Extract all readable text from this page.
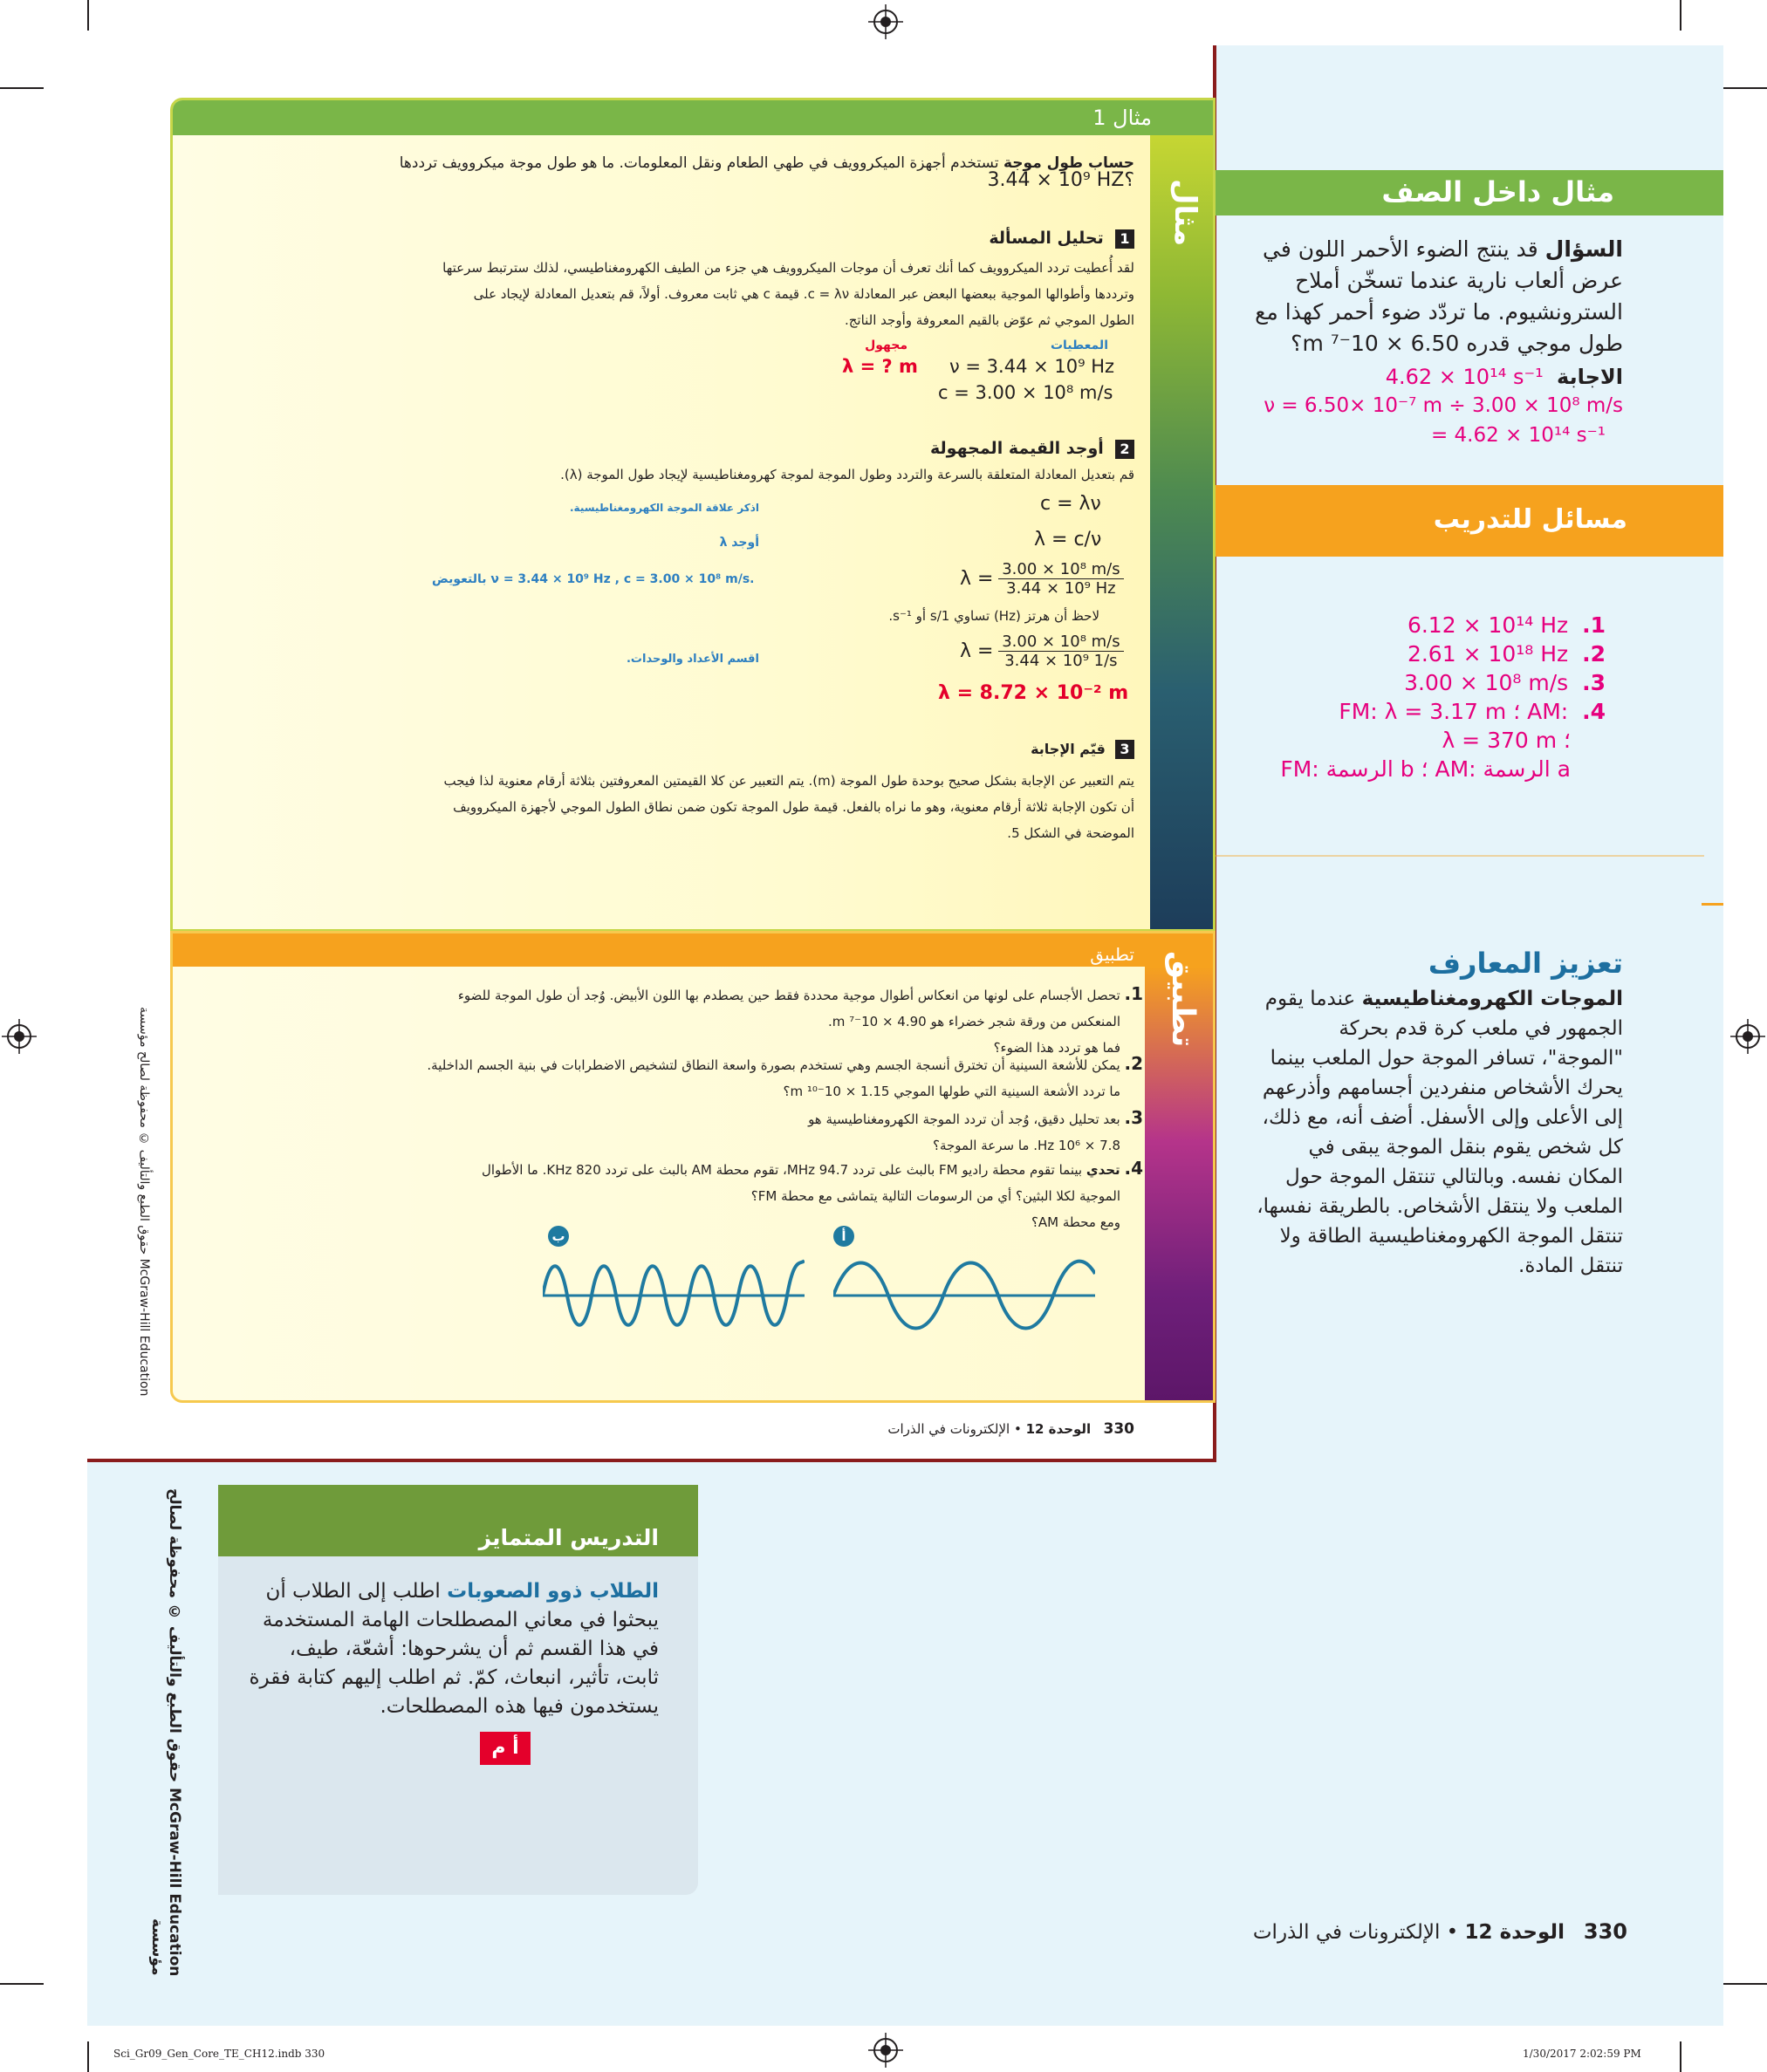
مثال 1
مثال
حساب طول موجة تستخدم أجهزة الميكروويف في طهي الطعام ونقل المعلومات. ما هو طول موجة ميكروويف ترددها
3.44 × 10⁹ HZ؟
1  تحليل المسألة
لقد أُعطيت تردد الميكروويف كما أنك تعرف أن موجات الميكروويف هي جزء من الطيف الكهرومغناطيسي، لذلك سترتبط سرعتها
وترددها وأطوالها الموجية ببعضها البعض عبر المعادلة c = λν. قيمة c هي ثابت معروف. أولاً، قم بتعديل المعادلة لإيجاد على
الطول الموجي ثم عوّض بالقيم المعروفة وأوجد الناتج.
المعطيات
مجهول
ν = 3.44 × 10⁹ Hz
c = 3.00 × 10⁸ m/s
λ = ? m
2  أوجد القيمة المجهولة
قم بتعديل المعادلة المتعلقة بالسرعة والتردد وطول الموجة لموجة كهرومغناطيسية لإيجاد طول الموجة (λ).
c = λν
اذكر علاقة الموجة الكهرومغناطيسية.
λ = c/ν
أوجد λ
$\lambda = \frac{\text{3.00 × 10⁸ m/s}}{\text{3.44 × 10⁹ Hz}}$
بالتعويض ν = 3.44 × 10⁹ Hz , c = 3.00 × 10⁸ m/s.
لاحظ أن هرتز (Hz) تساوي 1/s أو s⁻¹.
$\lambda = \frac{\text{3.00 × 10⁸ m/s}}{\text{3.44 × 10⁹ 1/s}}$
اقسم الأعداد والوحدات.
λ = 8.72 × 10⁻² m
3  قيّم الإجابة
يتم التعبير عن الإجابة بشكل صحيح بوحدة طول الموجة (m). يتم التعبير عن كلا القيمتين المعروفتين بثلاثة أرقام معنوية لذا فيجب
أن تكون الإجابة ثلاثة أرقام معنوية، وهو ما نراه بالفعل. قيمة طول الموجة تكون ضمن نطاق الطول الموجي لأجهزة الميكروويف
الموضحة في الشكل 5.
تطبيق تطبيق
1. تحصل الأجسام على لونها من انعكاس أطوال موجية محددة فقط حين يصطدم بها اللون الأبيض. وُجد أن طول الموجة للضوء
المنعكس من ورقة شجر خضراء هو 4.90 × 10⁻⁷ m.
فما هو تردد هذا الضوء؟
2. يمكن للأشعة السينية أن تخترق أنسجة الجسم وهي تستخدم بصورة واسعة النطاق لتشخيص الاضطرابات في بنية الجسم الداخلية.
ما تردد الأشعة السينية التي طولها الموجي 1.15 × 10⁻¹⁰ m؟
3. بعد تحليل دقيق، وُجد أن تردد الموجة الكهرومغناطيسية هو
7.8 × 10⁶ Hz. ما سرعة الموجة؟
4. تحدي بينما تقوم محطة راديو FM بالبث على تردد 94.7 MHz، تقوم محطة AM بالبث على تردد 820 KHz. ما الأطوال
الموجية لكلا البثين؟ أي من الرسومات التالية يتماشى مع محطة FM؟
ومع محطة AM؟
أ
ب
330   الوحدة 12 • الإلكترونات في الذرات
McGraw-Hill Education حقوق الطبع والتأليف © محفوظة لصالح مؤسسة
مثال داخل الصف
السؤال قد ينتج الضوء الأحمر اللون في عرض ألعاب نارية عندما تسخّن أملاح السترونشيوم. ما تردّد ضوء أحمر كهذا مع طول موجي قدره 6.50 × 10⁻⁷ m؟
الاجابة  4.62 × 10¹⁴ s⁻¹
ν = 6.50× 10⁻⁷ m ÷ 3.00 × 10⁸ m/s
= 4.62 × 10¹⁴ s⁻¹
مسائل للتدريب
6.12 × 10¹⁴ Hz .1
2.61 × 10¹⁸ Hz .2
3.00 × 10⁸ m/s .3
FM: λ = 3.17 m ؛ AM: .4
λ = 370 m ؛
FM: الرسمة b ؛ AM: الرسمة a
تعزيز المعارف
الموجات الكهرومغناطيسية عندما يقوم الجمهور في ملعب كرة قدم بحركة "الموجة"، تسافر الموجة حول الملعب بينما يحرك الأشخاص منفردين أجسامهم وأذرعهم إلى الأعلى وإلى الأسفل. أضف أنه، مع ذلك، كل شخص يقوم بنقل الموجة يبقى في المكان نفسه. وبالتالي تنتقل الموجة حول الملعب ولا ينتقل الأشخاص. بالطريقة نفسها، تنتقل الموجة الكهرومغناطيسية الطاقة ولا تنتقل المادة.
التدريس المتمايز
الطلاب ذوو الصعوبات اطلب إلى الطلاب أن يبحثوا في معاني المصطلحات الهامة المستخدمة في هذا القسم ثم أن يشرحوها: أشعّة، طيف، ثابت، تأثير، انبعاث، كمّ. ثم اطلب إليهم كتابة فقرة يستخدمون فيها هذه المصطلحات.
أ م
McGraw-Hill Education حقوق الطبع والتأليف © محفوظة لصالح مؤسسة	330   الوحدة 12 • الإلكترونات في الذرات
Sci_Gr09_Gen_Core_TE_CH12.indb 330	1/30/2017 2:02:59 PM
